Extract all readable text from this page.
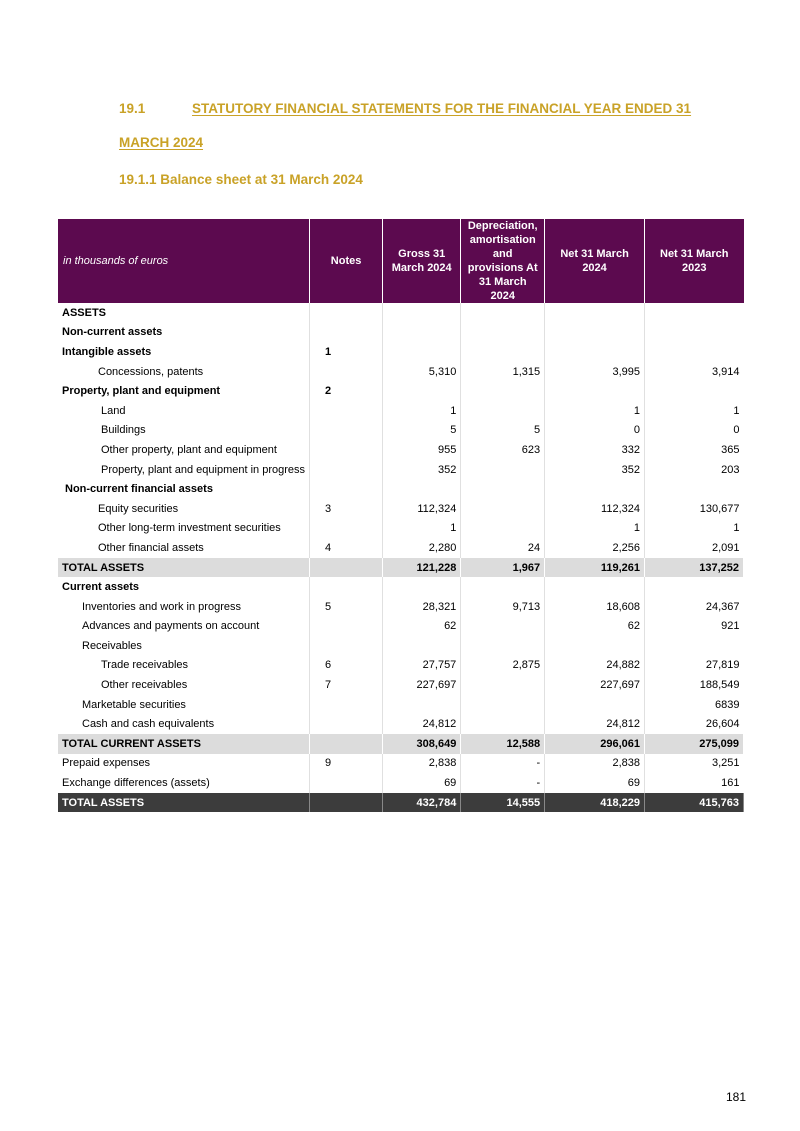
19.1	STATUTORY FINANCIAL STATEMENTS FOR THE FINANCIAL YEAR ENDED 31
MARCH 2024
19.1.1 Balance sheet at 31 March 2024
in thousands of euros	Notes	Gross 31 March 2024	Depreciation, amortisation and provisions At 31 March 2024	Net 31 March 2024	Net 31 March 2023
ASSETS					
Non-current assets					
Intangible assets	1				
Concessions, patents		5,310	1,315	3,995	3,914
Property, plant and equipment	2				
Land		1		1	1
Buildings		5	5	0	0
Other property, plant and equipment		955	623	332	365
Property, plant and equipment in progress		352		352	203
Non-current financial assets					
Equity securities	3	112,324		112,324	130,677
Other long-term investment securities		1		1	1
Other financial assets	4	2,280	24	2,256	2,091
TOTAL ASSETS		121,228	1,967	119,261	137,252
Current assets					
Inventories and work in progress	5	28,321	9,713	18,608	24,367
Advances and payments on account		62		62	921
Receivables					
Trade receivables	6	27,757	2,875	24,882	27,819
Other receivables	7	227,697		227,697	188,549
Marketable securities					6839
Cash and cash equivalents		24,812		24,812	26,604
TOTAL CURRENT ASSETS		308,649	12,588	296,061	275,099
Prepaid expenses	9	2,838	-	2,838	3,251
Exchange differences (assets)		69	-	69	161
TOTAL ASSETS		432,784	14,555	418,229	415,763
181
